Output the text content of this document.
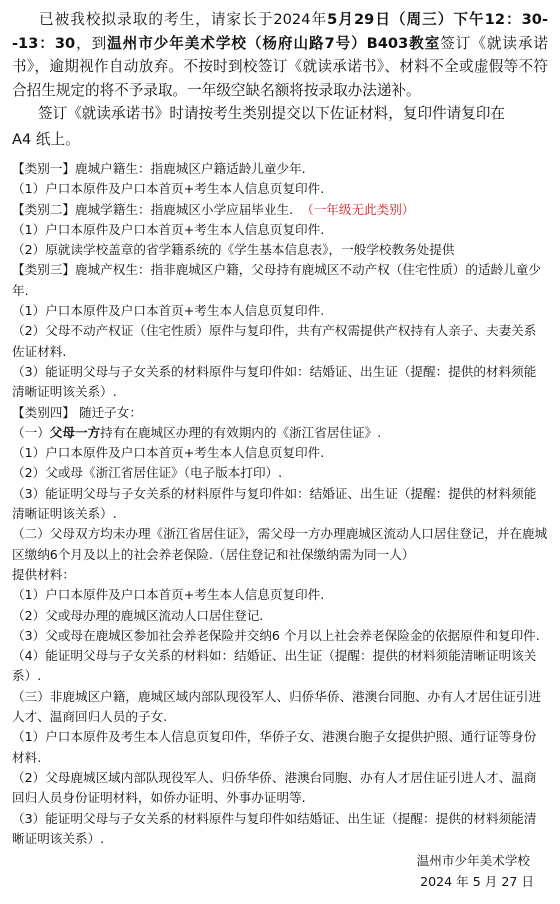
已被我校拟录取的考生，请家长于2024年5月29日（周三）下午12：30--13：30，到温州市少年美术学校（杨府山路7号）B403教室签订《就读承诺书》，逾期视作自动放弃。不按时到校签订《就读承诺书》、材料不全或虚假等不符合招生规定的将不予录取。一年级空缺名额将按录取办法递补。

签订《就读承诺书》时请按考生类别提交以下佐证材料，复印件请复印在

A4 纸上。

【类别一】鹿城户籍生：指鹿城区户籍适龄儿童少年.

（1）户口本原件及户口本首页+考生本人信息页复印件.

【类别二】鹿城学籍生：指鹿城区小学应届毕业生. （一年级无此类别）

（1）户口本原件及户口本首页+考生本人信息页复印件.

（2）原就读学校盖章的省学籍系统的《学生基本信息表》，一般学校教务处提供

【类别三】鹿城产权生：指非鹿城区户籍，父母持有鹿城区不动产权（住宅性质）的适龄儿童少年.

（1）户口本原件及户口本首页+考生本人信息页复印件.

（2）父母不动产权证（住宅性质）原件与复印件，共有产权需提供产权持有人亲子、夫妻关系佐证材料.

（3）能证明父母与子女关系的材料原件与复印件如：结婚证、出生证（提醒：提供的材料须能清晰证明该关系）.

【类别四】 随迁子女：

（一）父母一方持有在鹿城区办理的有效期内的《浙江省居住证》.

（1）户口本原件及户口本首页+考生本人信息页复印件.

（2）父或母《浙江省居住证》（电子版本打印）.

（3）能证明父母与子女关系的材料原件与复印件如：结婚证、出生证（提醒：提供的材料须能清晰证明该关系）.

（二）父母双方均未办理《浙江省居住证》，需父母一方办理鹿城区流动人口居住登记，并在鹿城区缴纳6个月及以上的社会养老保险.（居住登记和社保缴纳需为同一人）

提供材料：

（1）户口本原件及户口本首页+考生本人信息页复印件.

（2）父或母办理的鹿城区流动人口居住登记.

（3）父或母在鹿城区参加社会养老保险并交纳6 个月以上社会养老保险金的依据原件和复印件.

（4）能证明父母与子女关系的材料如：结婚证、出生证（提醒：提供的材料须能清晰证明该关系）.

（三）非鹿城区户籍，鹿城区域内部队现役军人、归侨华侨、港澳台同胞、办有人才居住证引进人才、温商回归人员的子女.

（1）户口本原件及考生本人信息页复印件，华侨子女、港澳台胞子女提供护照、通行证等身份材料.

（2）父母鹿城区域内部队现役军人、归侨华侨、港澳台同胞、办有人才居住证引进人才、温商回归人员身份证明材料，如侨办证明、外事办证明等.

（3）能证明父母与子女关系的材料原件与复印件如结婚证、出生证（提醒：提供的材料须能清晰证明该关系）.

温州市少年美术学校
2024 年 5 月 27 日
